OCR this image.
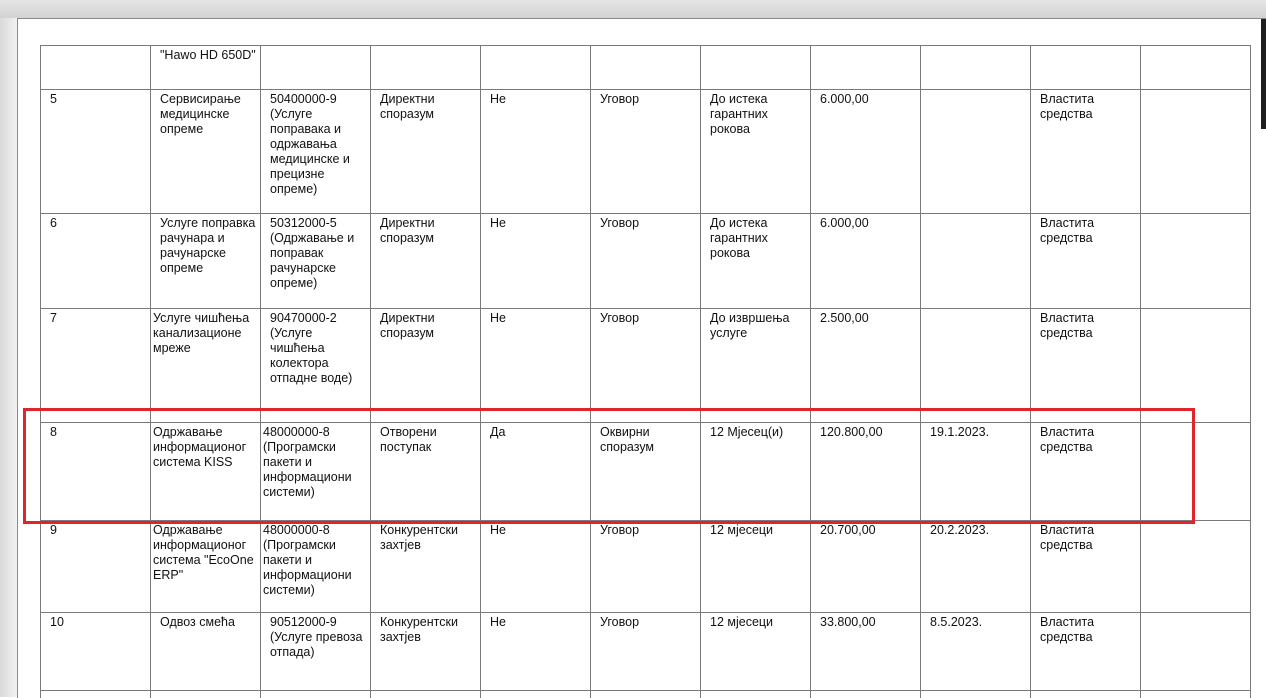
	"Hawo HD 650D"									
5	Сервисирање медицинске опреме	50400000-9 (Услуге поправака и одржавања медицинске и прецизне опреме)	Директни споразум	Не	Уговор	До истека гарантних рокова	6.000,00		Властита средства	
6	Услуге поправка рачунара и рачунарске опреме	50312000-5 (Одржавање и поправак рачунарске опреме)	Директни споразум	Не	Уговор	До истека гарантних рокова	6.000,00		Властита средства	
7	Услуге чишћења канализационе мреже	90470000-2 (Услуге чишћења колектора отпадне воде)	Директни споразум	Не	Уговор	До извршења услуге	2.500,00		Властита средства	
8	Одржавање информационог система KISS	48000000-8 (Програмски пакети и информациони системи)	Отворени поступак	Да	Оквирни споразум	12 Мјесец(и)	120.800,00	19.1.2023.	Властита средства	
9	Одржавање информационог система "EcoOne ERP"	48000000-8 (Програмски пакети и информациони системи)	Конкурентски захтјев	Не	Уговор	12 мјесеци	20.700,00	20.2.2023.	Властита средства	
10	Одвоз смећа	90512000-9 (Услуге превоза отпада)	Конкурентски захтјев	Не	Уговор	12 мјесеци	33.800,00	8.5.2023.	Властита средства	
